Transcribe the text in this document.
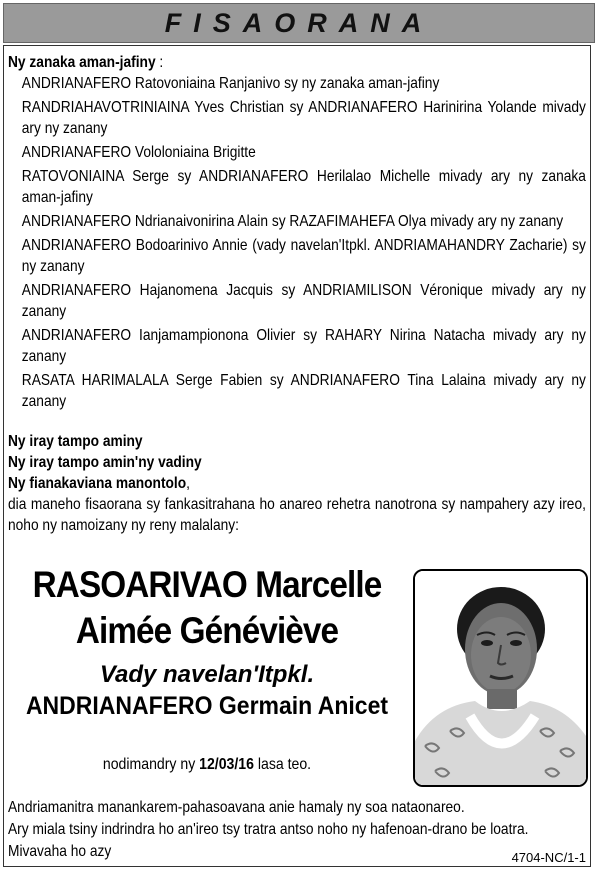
FISAORANA
Ny zanaka aman-jafiny :
ANDRIANAFERO Ratovoniaina Ranjanivo sy ny zanaka aman-jafiny
RANDRIAHAVOTRINIAINA Yves Christian sy ANDRIANAFERO Harinirina Yolande mivady ary ny zanany
ANDRIANAFERO Vololoniaina Brigitte
RATOVONIAINA Serge sy ANDRIANAFERO Herilalao Michelle mivady ary ny zanaka aman-jafiny
ANDRIANAFERO Ndrianaivonirina Alain sy RAZAFIMAHEFA Olya mivady ary ny zanany
ANDRIANAFERO Bodoarinivo Annie (vady navelan'Itpkl. ANDRIAMAHANDRY Zacharie) sy ny zanany
ANDRIANAFERO Hajanomena Jacquis sy ANDRIAMILISON Véronique mivady ary ny zanany
ANDRIANAFERO Ianjamampionona Olivier sy RAHARY Nirina Natacha mivady ary ny zanany
RASATA HARIMALALA Serge Fabien sy ANDRIANAFERO Tina Lalaina mivady ary ny zanany
Ny iray tampo aminy
Ny iray tampo amin'ny vadiny
Ny fianakaviana manontolo,
dia maneho fisaorana sy fankasitrahana ho anareo rehetra nanotrona sy nampahery azy ireo, noho ny namoizany ny reny malalany:
RASOARIVAO Marcelle
Aimée Généviève
Vady navelan'Itpkl.
ANDRIANAFERO Germain Anicet
nodimandry ny 12/03/16 lasa teo.

Andriamanitra manankarem-pahasoavana anie hamaly ny soa nataonareo.

Ary miala tsiny indrindra ho an'ireo tsy tratra antso noho ny hafenoan-drano be loatra. Mivavaha ho azy	4704-NC/1-1
